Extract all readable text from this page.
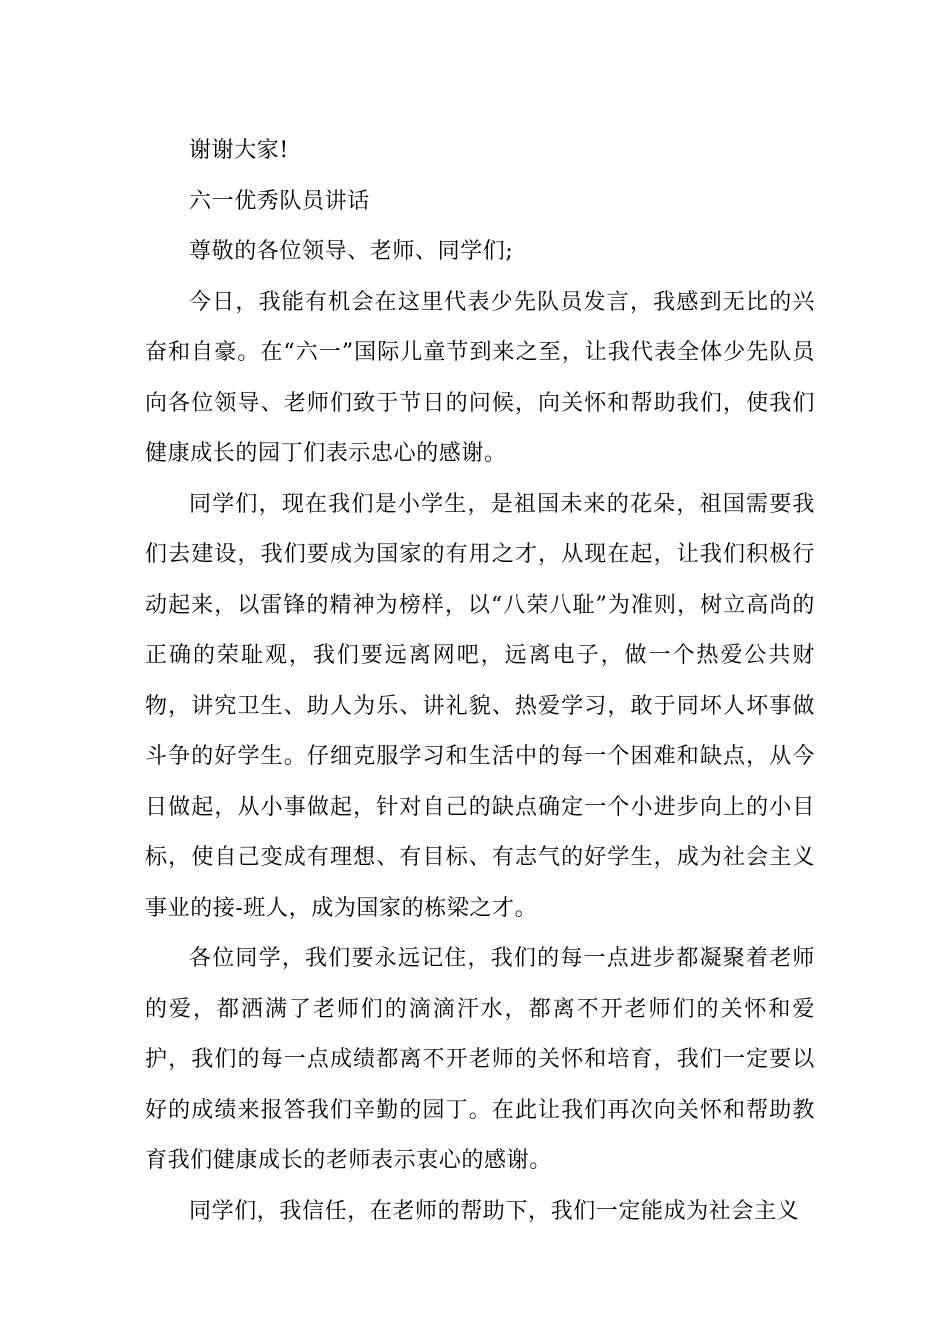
谢谢大家!

六一优秀队员讲话

尊敬的各位领导、老师、同学们;

今日，我能有机会在这里代表少先队员发言，我感到无比的兴奋和自豪。在“六一”国际儿童节到来之至，让我代表全体少先队员向各位领导、老师们致于节日的问候，向关怀和帮助我们，使我们健康成长的园丁们表示忠心的感谢。

同学们，现在我们是小学生，是祖国未来的花朵，祖国需要我们去建设，我们要成为国家的有用之才，从现在起，让我们积极行动起来，以雷锋的精神为榜样，以“八荣八耻”为准则，树立高尚的正确的荣耻观，我们要远离网吧，远离电子，做一个热爱公共财物，讲究卫生、助人为乐、讲礼貌、热爱学习，敢于同坏人坏事做斗争的好学生。仔细克服学习和生活中的每一个困难和缺点，从今日做起，从小事做起，针对自己的缺点确定一个小进步向上的小目标，使自己变成有理想、有目标、有志气的好学生，成为社会主义事业的接-班人，成为国家的栋梁之才。

各位同学，我们要永远记住，我们的每一点进步都凝聚着老师的爱，都洒满了老师们的滴滴汗水，都离不开老师们的关怀和爱护，我们的每一点成绩都离不开老师的关怀和培育，我们一定要以好的成绩来报答我们辛勤的园丁。在此让我们再次向关怀和帮助教育我们健康成长的老师表示衷心的感谢。

同学们，我信任，在老师的帮助下，我们一定能成为社会主义
